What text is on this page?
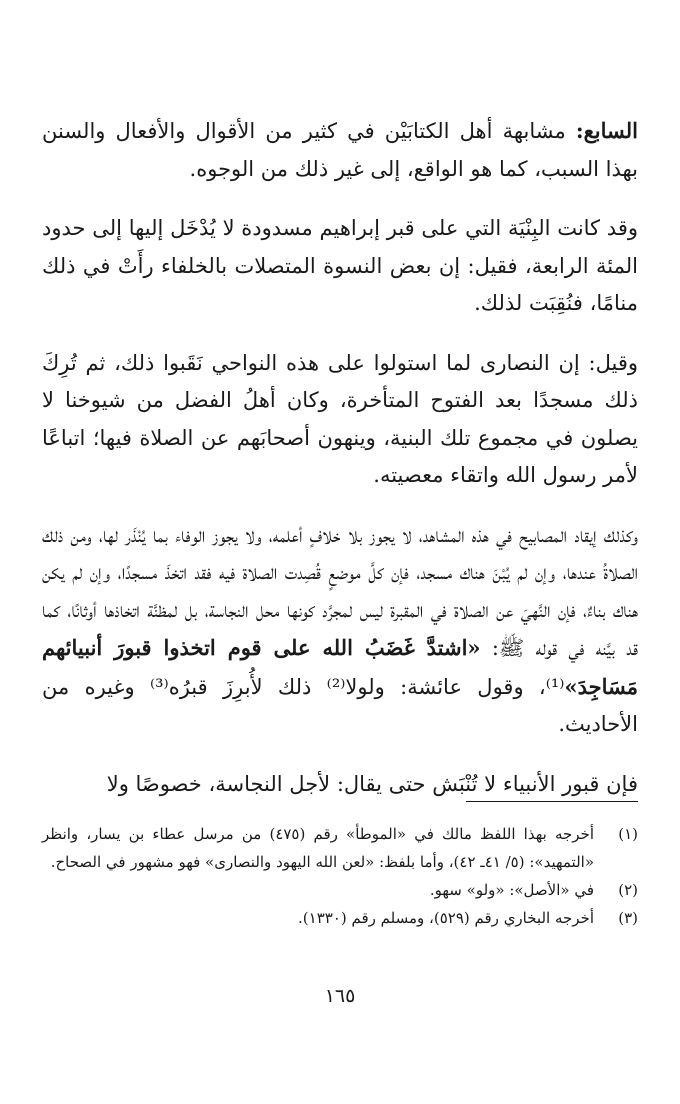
السابع: مشابهة أهل الكتابَيْن في كثير من الأقوال والأفعال والسنن بهذا السبب، كما هو الواقع، إلى غير ذلك من الوجوه.

وقد كانت البِنْيَة التي على قبر إبراهيم مسدودة لا يُدْخَل إليها إلى حدود المئة الرابعة، فقيل: إن بعض النسوة المتصلات بالخلفاء رأَتْ في ذلك منامًا، فنُقِبَت لذلك.

وقيل: إن النصارى لما استولوا على هذه النواحي نَقَبوا ذلك، ثم تُرِكَ ذلك مسجدًا بعد الفتوح المتأخرة، وكان أهلُ الفضل من شيوخنا لا يصلون في مجموع تلك البنية، وينهون أصحابَهم عن الصلاة فيها؛ اتباعًا لأمر رسول الله واتقاء معصيته.

وكذلك إيقاد المصابيح في هذه المشاهد، لا يجوز بلا خلافٍ أعلمه، ولا يجوز الوفاء بما يُنْذَر لها، ومن ذلك الصلاةُ عندها، وإن لم يُبْنَ هناك مسجد، فإن كلَّ موضعٍ قُصِدت الصلاة فيه فقد اتخذَ مسجدًا، وإن لم يكن هناك بناءٌ، فإن النَّهيَ عن الصلاة في المقبرة ليس لمجرَّد كونها محل النجاسة، بل لمظنَّة اتخاذها أوثانًا، كما قد بيَّنه في قوله ﷺ: «اشتدَّ غَضَبُ الله على قوم اتخذوا قبورَ أنبيائهم مَسَاجِدَ»⁽¹⁾، وقول عائشة: ولولا⁽²⁾ ذلك لأُبرِزَ قبرُه⁽³⁾ وغيره من الأحاديث.

فإن قبور الأنبياء لا تُنْبَش حتى يقال: لأجل النجاسة، خصوصًا ولا

(١)
أخرجه بهذا اللفظ مالك في «الموطأ» رقم (٤٧٥) من مرسل عطاء بن يسار، وانظر «التمهيد»: (٥/ ٤١ـ ٤٢)، وأما بلفظ: «لعن الله اليهود والنصارى» فهو مشهور في الصحاح.
(٢)
في «الأصل»: «ولو» سهو.
(٣)
أخرجه البخاري رقم (٥٢٩)، ومسلم رقم (١٣٣٠).
١٦٥
